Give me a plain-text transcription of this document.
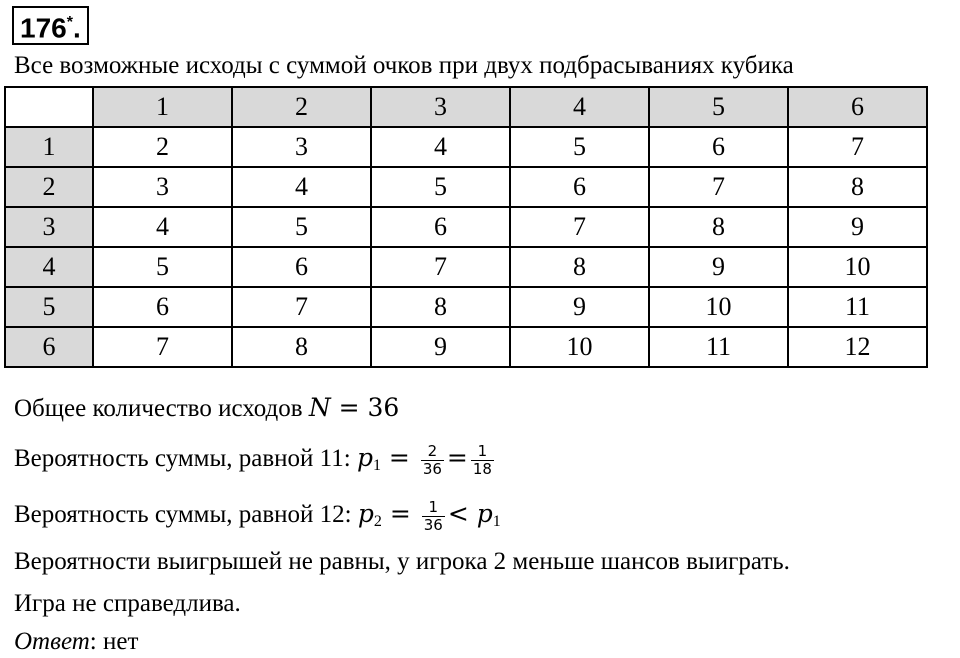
176*.
Все возможные исходы с суммой очков при двух подбрасываниях кубика
	1	2	3	4	5	6
1	2	3	4	5	6	7
2	3	4	5	6	7	8
3	4	5	6	7	8	9
4	5	6	7	8	9	10
5	6	7	8	9	10	11
6	7	8	9	10	11	12
Общее количество исходов N = 36
Вероятность суммы, равной 11: $p1 = \frac{2}{36} = \frac{1}{18}$
Вероятность суммы, равной 12: $p2 = \frac{1}{36} < p1$
Вероятности выигрышей не равны, у игрока 2 меньше шансов выиграть.
Игра не справедлива.
Ответ: нет
